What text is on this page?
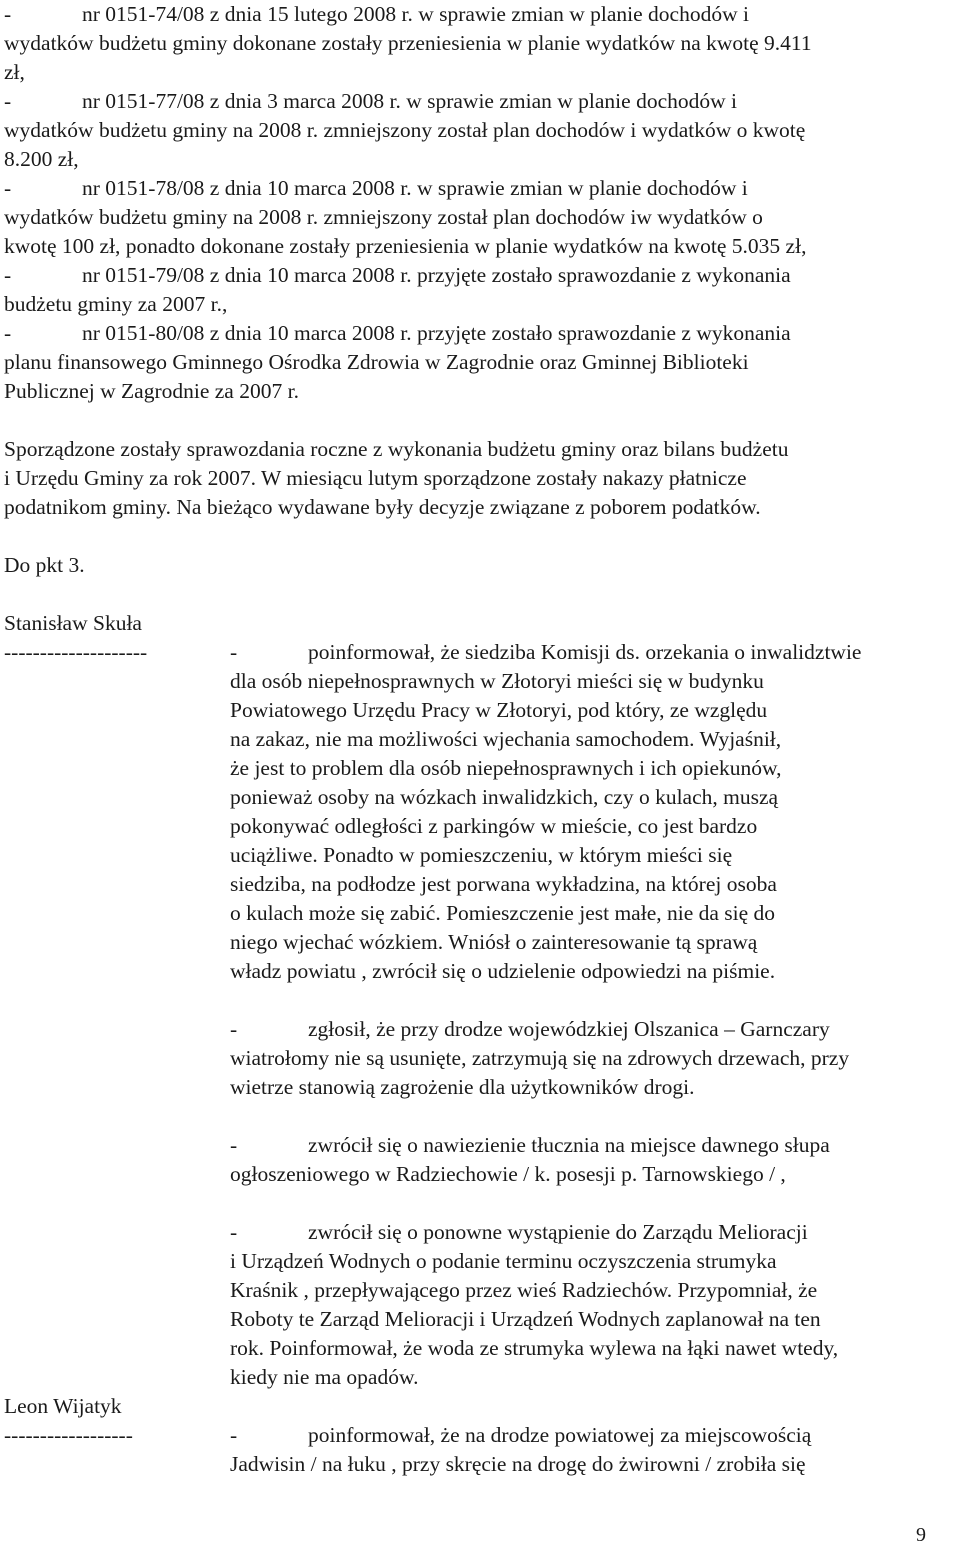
-	nr 0151-74/08 z dnia 15 lutego 2008 r. w sprawie zmian w planie dochodów i
wydatków budżetu gminy dokonane zostały przeniesienia w planie wydatków na kwotę 9.411
zł,
-	nr 0151-77/08 z dnia 3 marca 2008 r. w sprawie zmian w planie dochodów i
wydatków budżetu gminy na 2008 r. zmniejszony został plan dochodów i wydatków o kwotę
8.200 zł,
-	nr 0151-78/08 z dnia 10 marca 2008 r. w sprawie zmian w planie dochodów i
wydatków budżetu gminy na 2008 r. zmniejszony został plan dochodów iw wydatków o
kwotę 100 zł, ponadto dokonane zostały przeniesienia w planie wydatków na kwotę 5.035 zł,
-	nr 0151-79/08 z dnia 10 marca 2008 r. przyjęte zostało sprawozdanie z wykonania
budżetu gminy za 2007 r.,
-	nr 0151-80/08 z dnia 10 marca 2008 r. przyjęte zostało sprawozdanie z wykonania
planu finansowego Gminnego Ośrodka Zdrowia w Zagrodnie oraz Gminnej Biblioteki
Publicznej w Zagrodnie za 2007 r.
Sporządzone zostały sprawozdania roczne z wykonania budżetu gminy oraz bilans budżetu
i Urzędu Gminy za rok 2007. W miesiącu lutym sporządzone zostały nakazy płatnicze
podatnikom gminy. Na bieżąco wydawane były decyzje związane z poborem podatków.
Do pkt 3.
Stanisław Skuła
--------------------	-	poinformował, że siedziba Komisji ds. orzekania o inwalidztwie
dla osób niepełnosprawnych w Złotoryi mieści się w budynku
Powiatowego Urzędu Pracy w Złotoryi, pod który, ze względu
na zakaz, nie ma możliwości wjechania samochodem. Wyjaśnił,
że jest to problem dla osób niepełnosprawnych i ich opiekunów,
ponieważ osoby na wózkach inwalidzkich, czy o kulach, muszą
pokonywać odległości z parkingów w mieście, co jest bardzo
uciążliwe. Ponadto w pomieszczeniu, w którym mieści się
siedziba, na podłodze jest porwana wykładzina, na której osoba
o kulach może się zabić. Pomieszczenie jest małe, nie da się do
niego wjechać wózkiem. Wniósł o zainteresowanie tą sprawą
władz powiatu , zwrócił się o udzielenie odpowiedzi na piśmie.
-	zgłosił, że przy drodze wojewódzkiej Olszanica – Garnczary
wiatrołomy nie są usunięte, zatrzymują się na zdrowych drzewach, przy
wietrze stanowią zagrożenie dla użytkowników drogi.
-	zwrócił się o nawiezienie tłucznia na miejsce dawnego słupa
ogłoszeniowego w Radziechowie / k. posesji p. Tarnowskiego / ,
-	zwrócił się o ponowne wystąpienie do Zarządu Melioracji
i Urządzeń Wodnych o podanie terminu oczyszczenia strumyka
Kraśnik , przepływającego przez wieś Radziechów. Przypomniał, że
Roboty te Zarząd Melioracji i Urządzeń Wodnych zaplanował na ten
rok. Poinformował, że woda ze strumyka wylewa na łąki nawet wtedy,
kiedy nie ma opadów.
Leon Wijatyk
------------------	-	poinformował, że na drodze powiatowej za miejscowością
Jadwisin / na łuku , przy skręcie na drogę do żwirowni / zrobiła się
9
